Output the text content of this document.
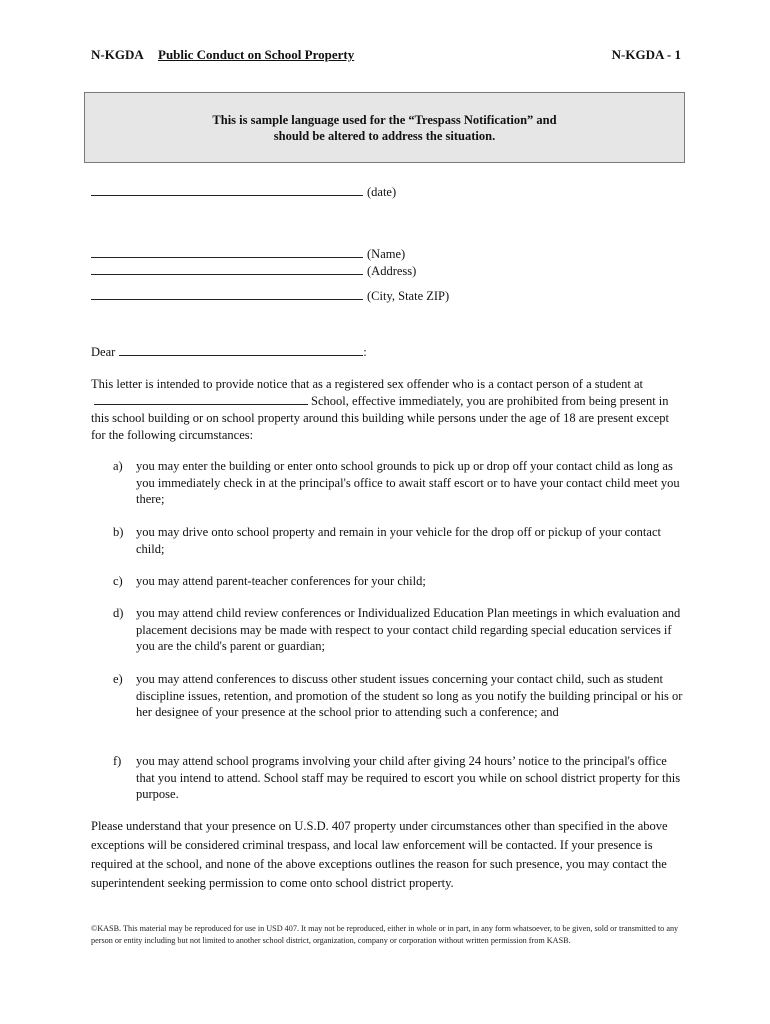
N-KGDA Public Conduct on School Property	N-KGDA - 1
This is sample language used for the “Trespass Notification” and
should be altered to address the situation.
(date)
(Name)
(Address)
(City, State ZIP)
Dear	:
This letter is intended to provide notice that as a registered sex offender who is a contact person of a student atSchool, effective immediately, you are prohibited from being present in this school building or on school property around this building while persons under the age of 18 are present except for the following circumstances:
a) you may enter the building or enter onto school grounds to pick up or drop off your contact child as long as you immediately check in at the principal's office to await staff escort or to have your contact child meet you there;
b) you may drive onto school property and remain in your vehicle for the drop off or pickup of your contact child;
c) you may attend parent-teacher conferences for your child;
d) you may attend child review conferences or Individualized Education Plan meetings in which evaluation and placement decisions may be made with respect to your contact child regarding special education services if you are the child's parent or guardian;
e) you may attend conferences to discuss other student issues concerning your contact child, such as student discipline issues, retention, and promotion of the student so long as you notify the building principal or his or her designee of your presence at the school prior to attending such a conference; and
f) you may attend school programs involving your child after giving 24 hours’ notice to the principal's office that you intend to attend. School staff may be required to escort you while on school district property for this purpose.
Please understand that your presence on U.S.D. 407 property under circumstances other than specified in the above exceptions will be considered criminal trespass, and local law enforcement will be contacted. If your presence is required at the school, and none of the above exceptions outlines the reason for such presence, you may contact the superintendent seeking permission to come onto school district property.
©KASB. This material may be reproduced for use in USD 407. It may not be reproduced, either in whole or in part, in any form whatsoever, to be given, sold or transmitted to any person or entity including but not limited to another school district, organization, company or corporation without written permission from KASB.
